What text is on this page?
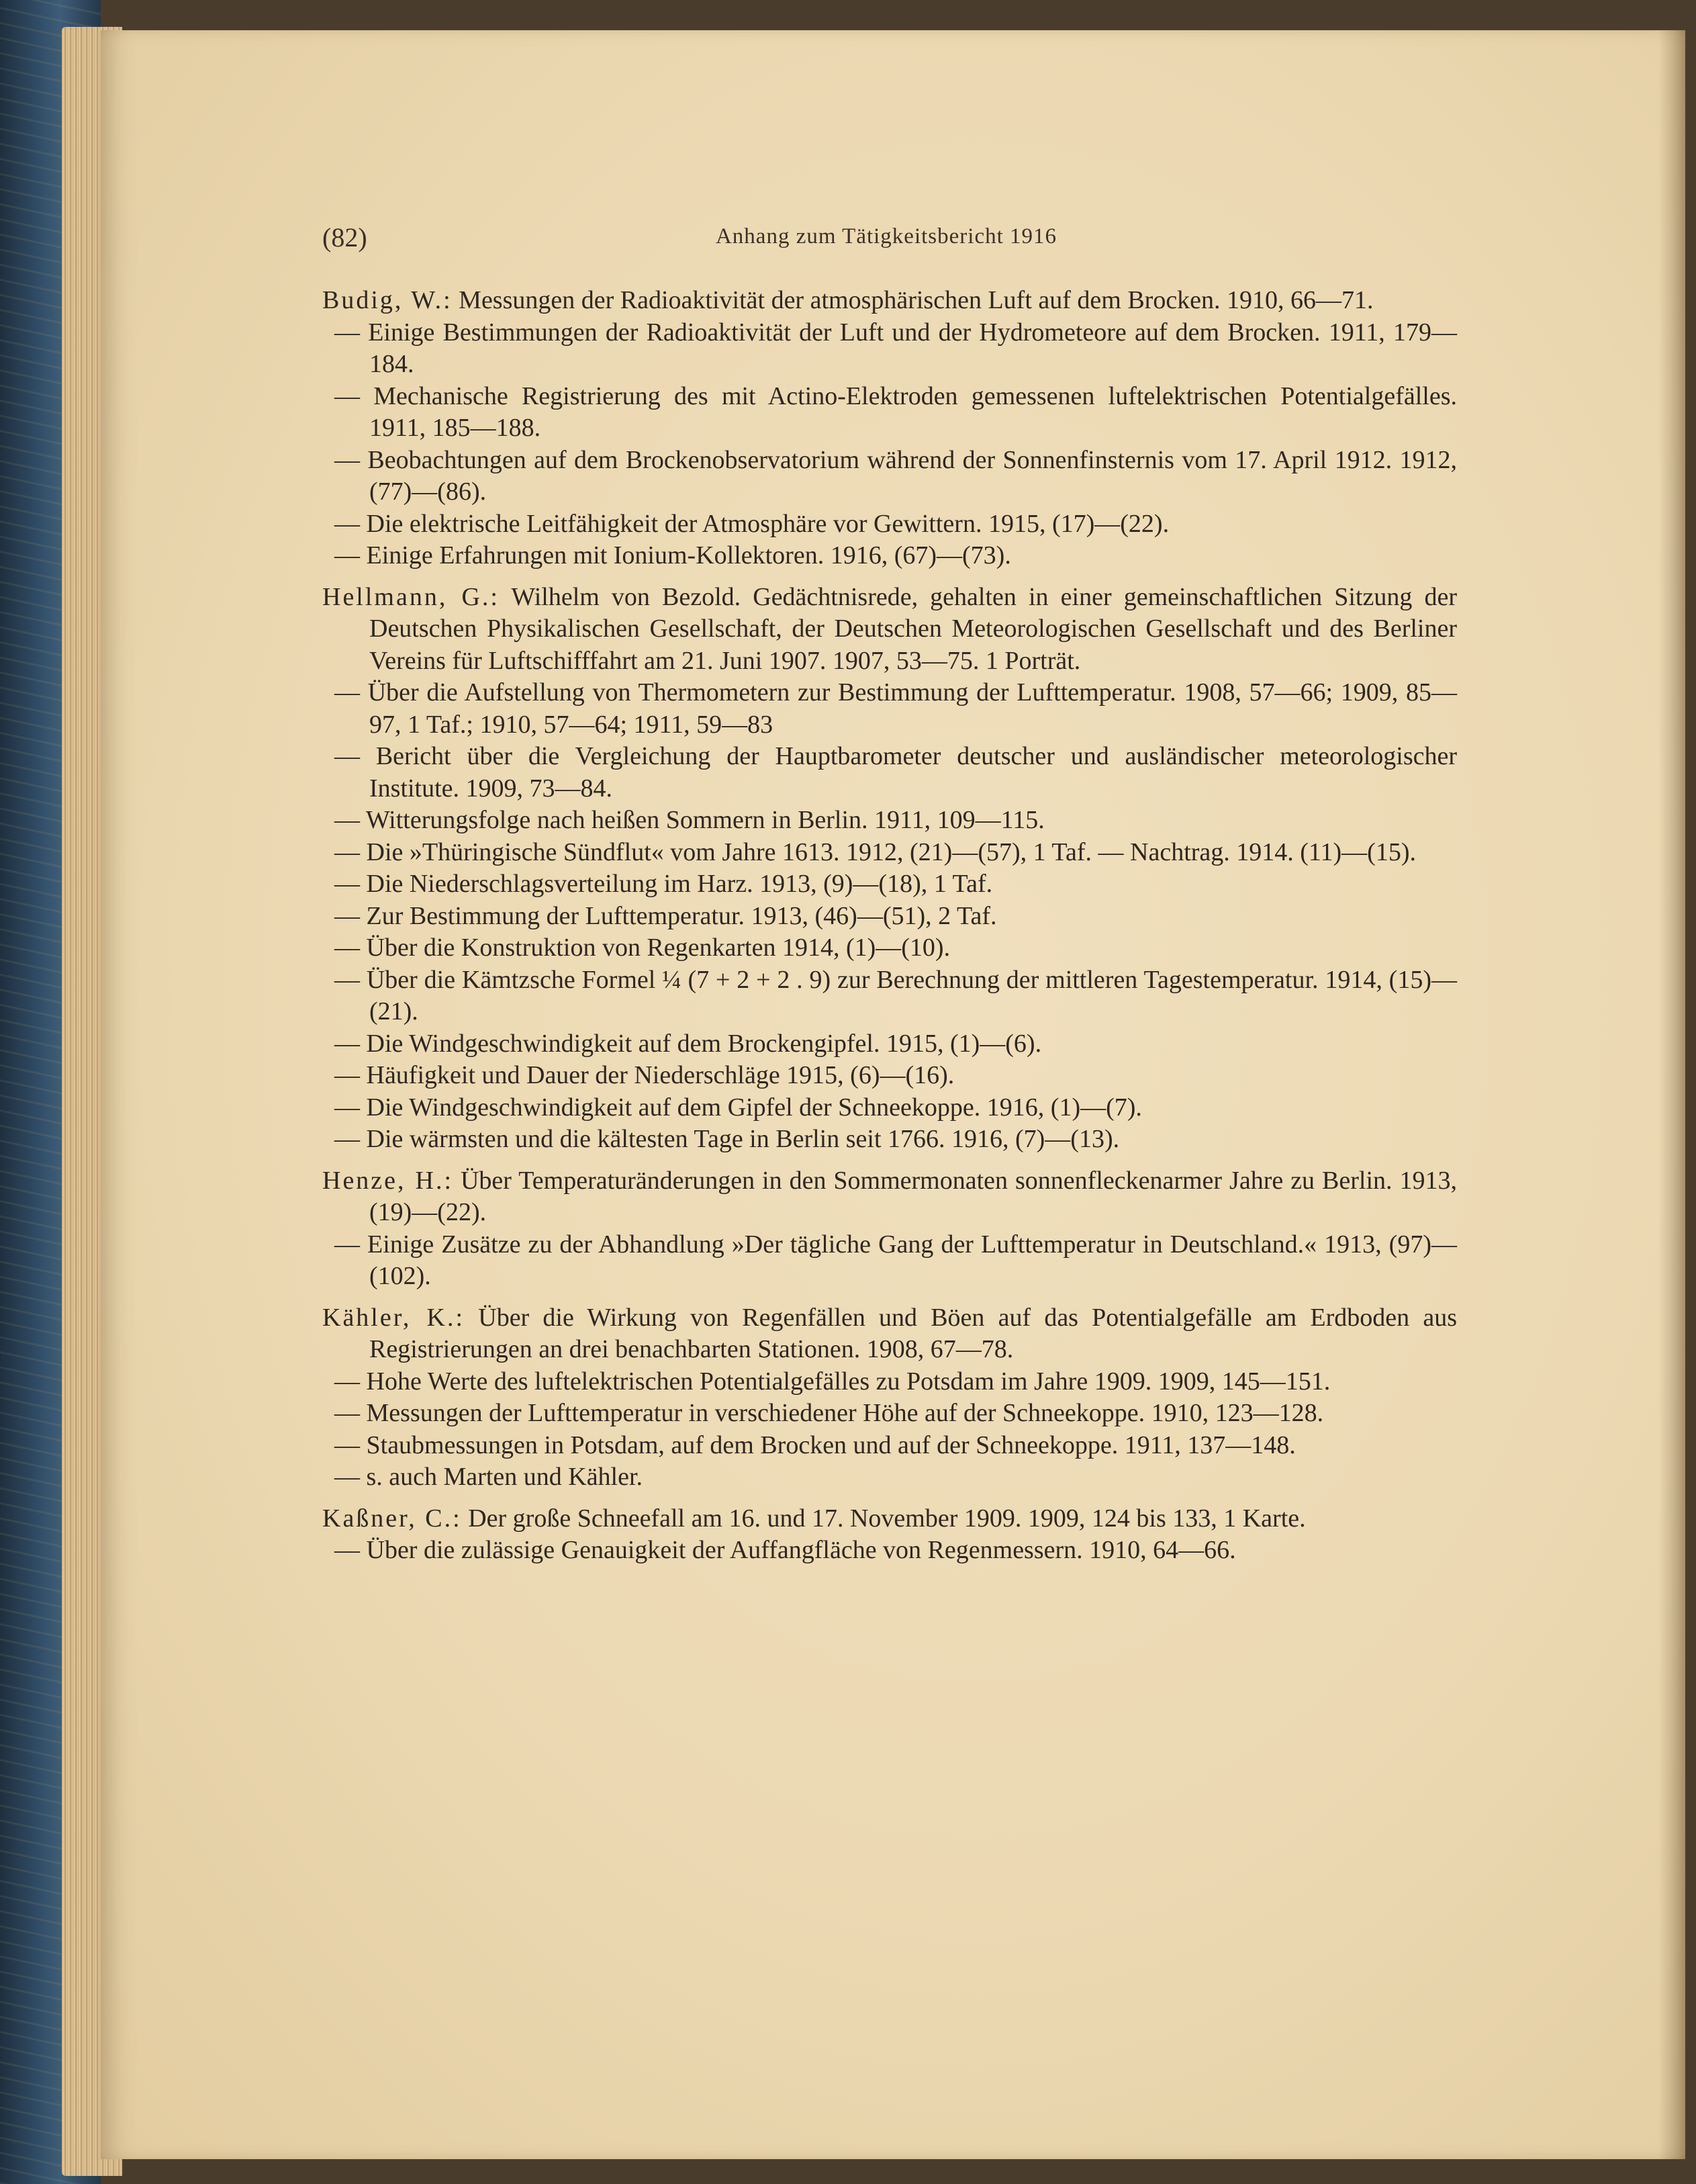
(82)	Anhang zum Tätigkeitsbericht 1916
Budig, W.: Messungen der Radioaktivität der atmosphärischen Luft auf dem Brocken. 1910, 66—71.
— Einige Bestimmungen der Radioaktivität der Luft und der Hydrometeore auf dem Brocken. 1911, 179—184.
— Mechanische Registrierung des mit Actino-Elektroden gemessenen luftelektrischen Potentialgefälles. 1911, 185—188.
— Beobachtungen auf dem Brockenobservatorium während der Sonnenfinsternis vom 17. April 1912. 1912, (77)—(86).
— Die elektrische Leitfähigkeit der Atmosphäre vor Gewittern. 1915, (17)—(22).
— Einige Erfahrungen mit Ionium-Kollektoren. 1916, (67)—(73).
Hellmann, G.: Wilhelm von Bezold. Gedächtnisrede, gehalten in einer gemeinschaftlichen Sitzung der Deutschen Physikalischen Gesellschaft, der Deutschen Meteorologischen Gesellschaft und des Berliner Vereins für Luftschifffahrt am 21. Juni 1907. 1907, 53—75. 1 Porträt.
— Über die Aufstellung von Thermometern zur Bestimmung der Lufttemperatur. 1908, 57—66; 1909, 85—97, 1 Taf.; 1910, 57—64; 1911, 59—83
— Bericht über die Vergleichung der Hauptbarometer deutscher und ausländischer meteorologischer Institute. 1909, 73—84.
— Witterungsfolge nach heißen Sommern in Berlin. 1911, 109—115.
— Die »Thüringische Sündflut« vom Jahre 1613. 1912, (21)—(57), 1 Taf. — Nachtrag. 1914. (11)—(15).
— Die Niederschlagsverteilung im Harz. 1913, (9)—(18), 1 Taf.
— Zur Bestimmung der Lufttemperatur. 1913, (46)—(51), 2 Taf.
— Über die Konstruktion von Regenkarten 1914, (1)—(10).
— Über die Kämtzsche Formel ¼ (7 + 2 + 2 . 9) zur Berechnung der mittleren Tagestemperatur. 1914, (15)—(21).
— Die Windgeschwindigkeit auf dem Brockengipfel. 1915, (1)—(6).
— Häufigkeit und Dauer der Niederschläge 1915, (6)—(16).
— Die Windgeschwindigkeit auf dem Gipfel der Schneekoppe. 1916, (1)—(7).
— Die wärmsten und die kältesten Tage in Berlin seit 1766. 1916, (7)—(13).
Henze, H.: Über Temperaturänderungen in den Sommermonaten sonnenfleckenarmer Jahre zu Berlin. 1913, (19)—(22).
— Einige Zusätze zu der Abhandlung »Der tägliche Gang der Lufttemperatur in Deutschland.« 1913, (97)—(102).
Kähler, K.: Über die Wirkung von Regenfällen und Böen auf das Potentialgefälle am Erdboden aus Registrierungen an drei benachbarten Stationen. 1908, 67—78.
— Hohe Werte des luftelektrischen Potentialgefälles zu Potsdam im Jahre 1909. 1909, 145—151.
— Messungen der Lufttemperatur in verschiedener Höhe auf der Schneekoppe. 1910, 123—128.
— Staubmessungen in Potsdam, auf dem Brocken und auf der Schneekoppe. 1911, 137—148.
— s. auch Marten und Kähler.
Kaßner, C.: Der große Schneefall am 16. und 17. November 1909. 1909, 124 bis 133, 1 Karte.
— Über die zulässige Genauigkeit der Auffangfläche von Regenmessern. 1910, 64—66.
